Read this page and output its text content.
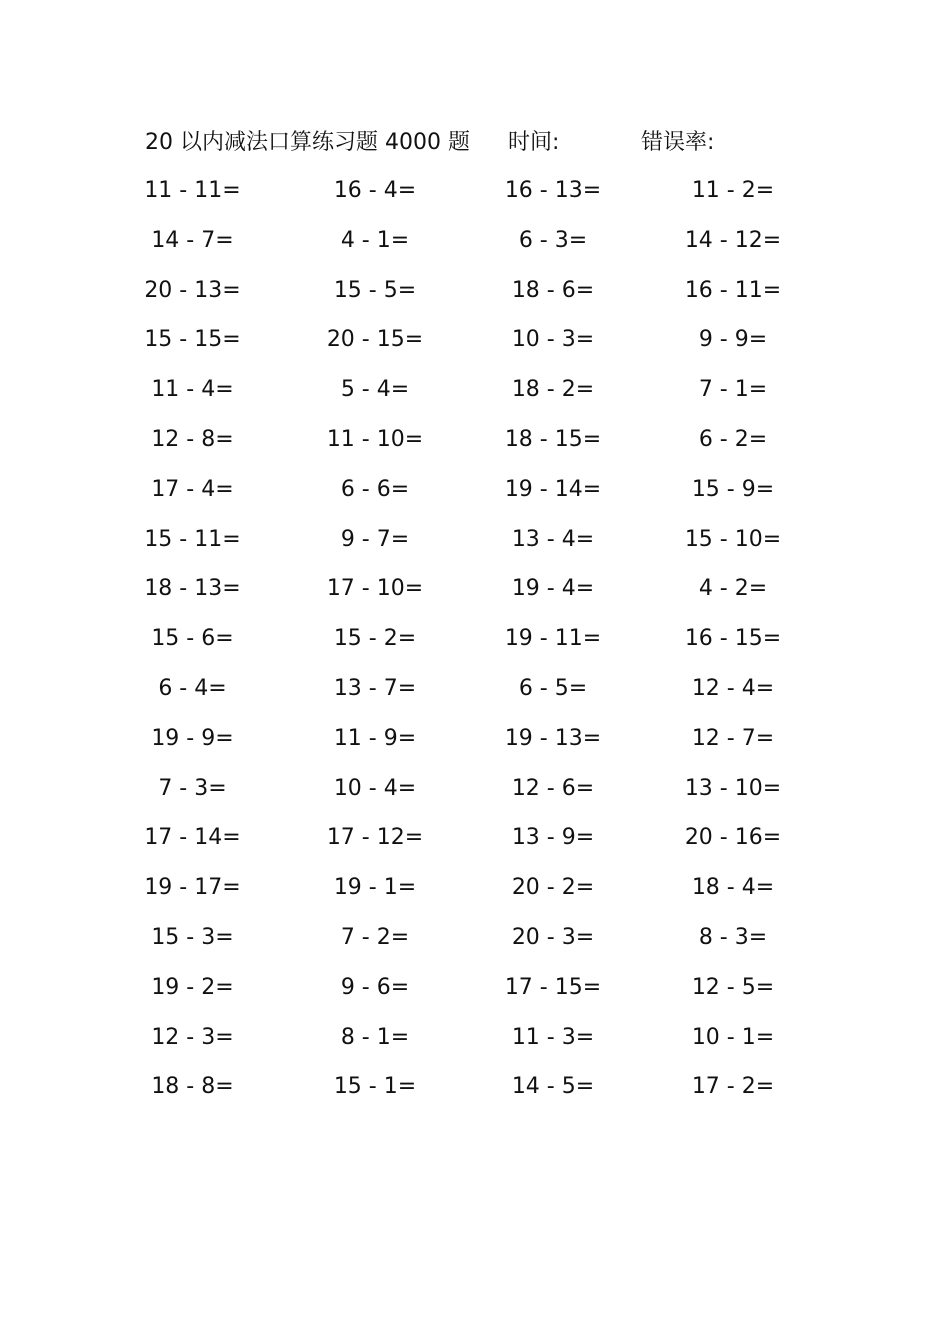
20 以内减法口算练习题 4000 题 时间:	错误率:
11 - 11=	16 - 4=	16 - 13=	11 - 2=
14 - 7=	4 - 1=	6 - 3=	14 - 12=
20 - 13=	15 - 5=	18 - 6=	16 - 11=
15 - 15=	20 - 15=	10 - 3=	9 - 9=
11 - 4=	5 - 4=	18 - 2=	7 - 1=
12 - 8=	11 - 10=	18 - 15=	6 - 2=
17 - 4=	6 - 6=	19 - 14=	15 - 9=
15 - 11=	9 - 7=	13 - 4=	15 - 10=
18 - 13=	17 - 10=	19 - 4=	4 - 2=
15 - 6=	15 - 2=	19 - 11=	16 - 15=
6 - 4=	13 - 7=	6 - 5=	12 - 4=
19 - 9=	11 - 9=	19 - 13=	12 - 7=
7 - 3=	10 - 4=	12 - 6=	13 - 10=
17 - 14=	17 - 12=	13 - 9=	20 - 16=
19 - 17=	19 - 1=	20 - 2=	18 - 4=
15 - 3=	7 - 2=	20 - 3=	8 - 3=
19 - 2=	9 - 6=	17 - 15=	12 - 5=
12 - 3=	8 - 1=	11 - 3=	10 - 1=
18 - 8=	15 - 1=	14 - 5=	17 - 2=
